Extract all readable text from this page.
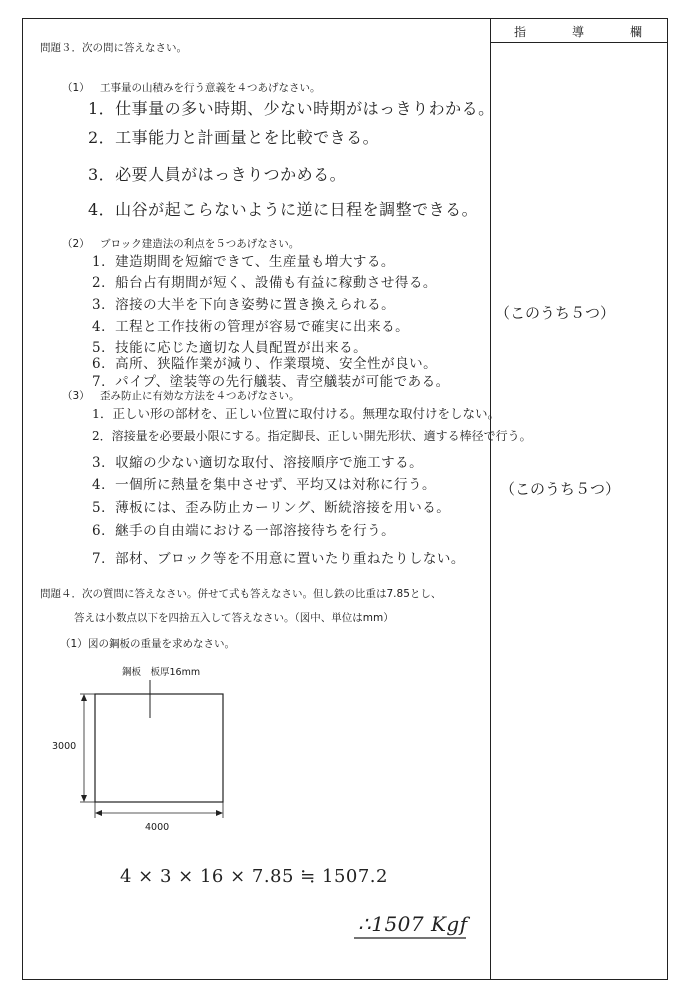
指	導	欄
問題３．次の問に答えなさい。
（1） 工事量の山積みを行う意義を４つあげなさい。
1．仕事量の多い時期、少ない時期がはっきりわかる。
2．工事能力と計画量とを比較できる。
3．必要人員がはっきりつかめる。
4．山谷が起こらないように逆に日程を調整できる。
（2） ブロック建造法の利点を５つあげなさい。
1．建造期間を短縮できて、生産量も増大する。
2．船台占有期間が短く、設備も有益に稼動させ得る。
3．溶接の大半を下向き姿勢に置き換えられる。
4．工程と工作技術の管理が容易で確実に出来る。
5．技能に応じた適切な人員配置が出来る。
6．高所、狭隘作業が減り、作業環境、安全性が良い。
7．パイプ、塗装等の先行艤装、青空艤装が可能である。
（このうち５つ）
（3） 歪み防止に有効な方法を４つあげなさい。
1．正しい形の部材を、正しい位置に取付ける。無理な取付けをしない。
2．溶接量を必要最小限にする。指定脚長、正しい開先形状、適する棒径で行う。
3．収縮の少ない適切な取付、溶接順序で施工する。
4．一個所に熱量を集中させず、平均又は対称に行う。
5．薄板には、歪み防止カーリング、断続溶接を用いる。
6．継手の自由端における一部溶接待ちを行う。
7．部材、ブロック等を不用意に置いたり重ねたりしない。
（このうち５つ）
問題４．次の質問に答えなさい。併せて式も答えなさい。但し鉄の比重は7.85とし、
答えは小数点以下を四捨五入して答えなさい。（図中、単位はmm）
（1） 図の鋼板の重量を求めなさい。
鋼板　板厚16mm
3000
4000
4 × 3 × 16 × 7.85 ≒ 1507.2
∴1507 Kgf
